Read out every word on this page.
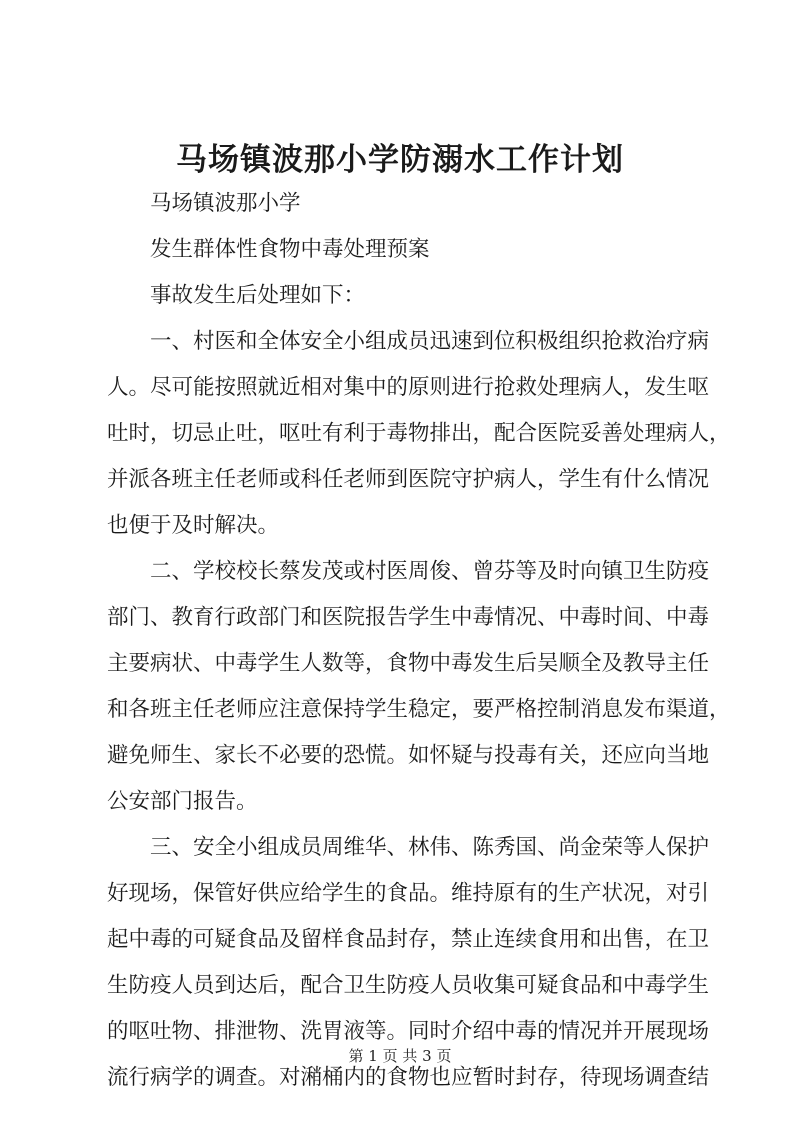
马场镇波那小学防溺水工作计划
马场镇波那小学
发生群体性食物中毒处理预案
事故发生后处理如下：
一、村医和全体安全小组成员迅速到位积极组织抢救治疗病
人。尽可能按照就近相对集中的原则进行抢救处理病人，发生呕
吐时，切忌止吐，呕吐有利于毒物排出，配合医院妥善处理病人，
并派各班主任老师或科任老师到医院守护病人，学生有什么情况
也便于及时解决。
二、学校校长蔡发茂或村医周俊、曾芬等及时向镇卫生防疫
部门、教育行政部门和医院报告学生中毒情况、中毒时间、中毒
主要病状、中毒学生人数等，食物中毒发生后吴顺全及教导主任
和各班主任老师应注意保持学生稳定，要严格控制消息发布渠道，
避免师生、家长不必要的恐慌。如怀疑与投毒有关，还应向当地
公安部门报告。
三、安全小组成员周维华、林伟、陈秀国、尚金荣等人保护
好现场，保管好供应给学生的食品。维持原有的生产状况，对引
起中毒的可疑食品及留样食品封存，禁止连续食用和出售，在卫
生防疫人员到达后，配合卫生防疫人员收集可疑食品和中毒学生
的呕吐物、排泄物、洗胃液等。同时介绍中毒的情况并开展现场
流行病学的调查。对潲桶内的食物也应暂时封存，待现场调查结
第 1 页 共 3 页
